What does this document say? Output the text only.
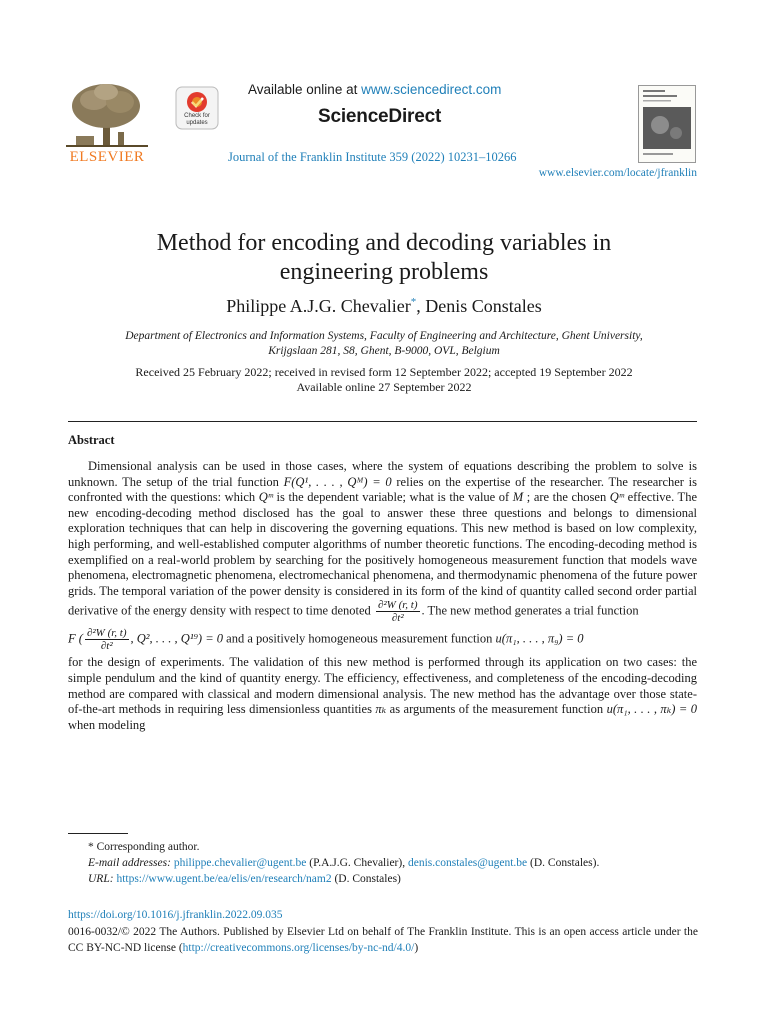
ELSEVIER
Check for updates
Available online at www.sciencedirect.com
ScienceDirect
Journal of the Franklin Institute 359 (2022) 10231–10266
www.elsevier.com/locate/jfranklin
Method for encoding and decoding variables in
engineering problems
Philippe A.J.G. Chevalier*, Denis Constales
Department of Electronics and Information Systems, Faculty of Engineering and Architecture, Ghent University,
Krijgslaan 281, S8, Ghent, B-9000, OVL, Belgium
Received 25 February 2022; received in revised form 12 September 2022; accepted 19 September 2022
Available online 27 September 2022
Abstract
Dimensional analysis can be used in those cases, where the system of equations describing the problem to solve is unknown. The setup of the trial function F(Q¹, . . . , Qᴹ) = 0 relies on the expertise of the researcher. The researcher is confronted with the questions: which Qᵐ is the dependent variable; what is the value of M ; are the chosen Qᵐ effective. The new encoding-decoding method disclosed has the goal to answer these three questions and belongs to dimensional exploration techniques that can help in discovering the governing equations. This new method is based on low complexity, high performing, and well-established computer algorithms of number theoretic functions. The encoding-decoding method is exemplified on a real-world problem by searching for the positively homogeneous measurement function that models wave phenomena, electromagnetic phenomena, electromechanical phenomena, and thermodynamic phenomena of the future power grids. The temporal variation of the power density is considered in its form of the kind of quantity called second order partial derivative of the energy density with respect to time denoted $\frac{\text{∂²W (r, t)}}{\text{∂t²}}$ . The new method generates a trial function
F ( $\frac{\text{∂²W (r, t)}}{\text{∂t²}}$ , Q², . . . , Q¹⁹) = 0 and a positively homogeneous measurement function u(π₁, . . . , π₉) = 0
for the design of experiments. The validation of this new method is performed through its application on two cases: the simple pendulum and the kind of quantity energy. The efficiency, effectiveness, and completeness of the encoding-decoding method are compared with classical and modern dimensional analysis. The new method has the advantage over those state-of-the-art methods in requiring less dimensionless quantities πₖ as arguments of the measurement function u(π₁, . . . , πₖ) = 0 when modeling
* Corresponding author.
E-mail addresses: philippe.chevalier@ugent.be (P.A.J.G. Chevalier), denis.constales@ugent.be (D. Constales).
URL: https://www.ugent.be/ea/elis/en/research/nam2 (D. Constales)
https://doi.org/10.1016/j.jfranklin.2022.09.035
0016-0032/© 2022 The Authors. Published by Elsevier Ltd on behalf of The Franklin Institute. This is an open access article under the CC BY-NC-ND license (http://creativecommons.org/licenses/by-nc-nd/4.0/)
